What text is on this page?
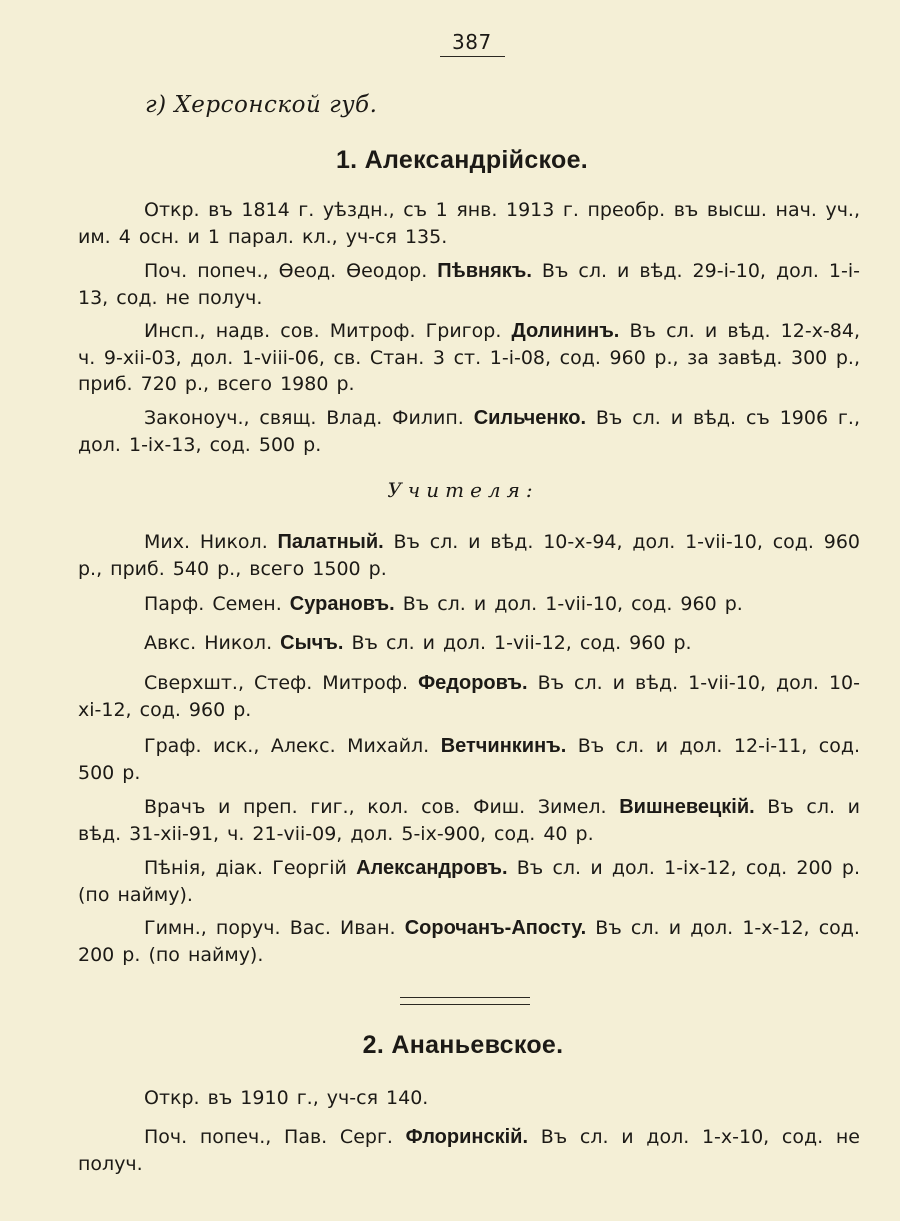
387
г) Херсонской губ.
1. Александрійское.
Откр. въ 1814 г. уѣздн., съ 1 янв. 1913 г. преобр. въ высш. нач. уч., им. 4 осн. и 1 парал. кл., уч-ся 135.
Поч. попеч., Ѳеод. Ѳеодор. Пѣвнякъ. Въ сл. и вѣд. 29-i-10, дол. 1-i-13, сод. не получ.
Инсп., надв. сов. Митроф. Григор. Долининъ. Въ сл. и вѣд. 12-x-84, ч. 9-xii-03, дол. 1-viii-06, св. Стан. 3 ст. 1-i-08, сод. 960 р., за завѣд. 300 р., приб. 720 р., всего 1980 р.
Законоуч., свящ. Влад. Филип. Сильченко. Въ сл. и вѣд. съ 1906 г., дол. 1-ix-13, сод. 500 р.
Учителя:
Мих. Никол. Палатный. Въ сл. и вѣд. 10-x-94, дол. 1-vii-10, сод. 960 р., приб. 540 р., всего 1500 р.
Парф. Семен. Сурановъ. Въ сл. и дол. 1-vii-10, сод. 960 р.
Авкс. Никол. Сычъ. Въ сл. и дол. 1-vii-12, сод. 960 р.
Сверхшт., Стеф. Митроф. Федоровъ. Въ сл. и вѣд. 1-vii-10, дол. 10-xi-12, сод. 960 р.
Граф. иск., Алекс. Михайл. Ветчинкинъ. Въ сл. и дол. 12-i-11, сод. 500 р.
Врачъ и преп. гиг., кол. сов. Фиш. Зимел. Вишневецкій. Въ сл. и вѣд. 31-xii-91, ч. 21-vii-09, дол. 5-ix-900, сод. 40 р.
Пѣнія, діак. Георгій Александровъ. Въ сл. и дол. 1-ix-12, сод. 200 р. (по найму).
Гимн., поруч. Вас. Иван. Сорочанъ-Апосту. Въ сл. и дол. 1-x-12, сод. 200 р. (по найму).
2. Ананьевское.
Откр. въ 1910 г., уч-ся 140.
Поч. попеч., Пав. Серг. Флоринскій. Въ сл. и дол. 1-x-10, сод. не получ.
